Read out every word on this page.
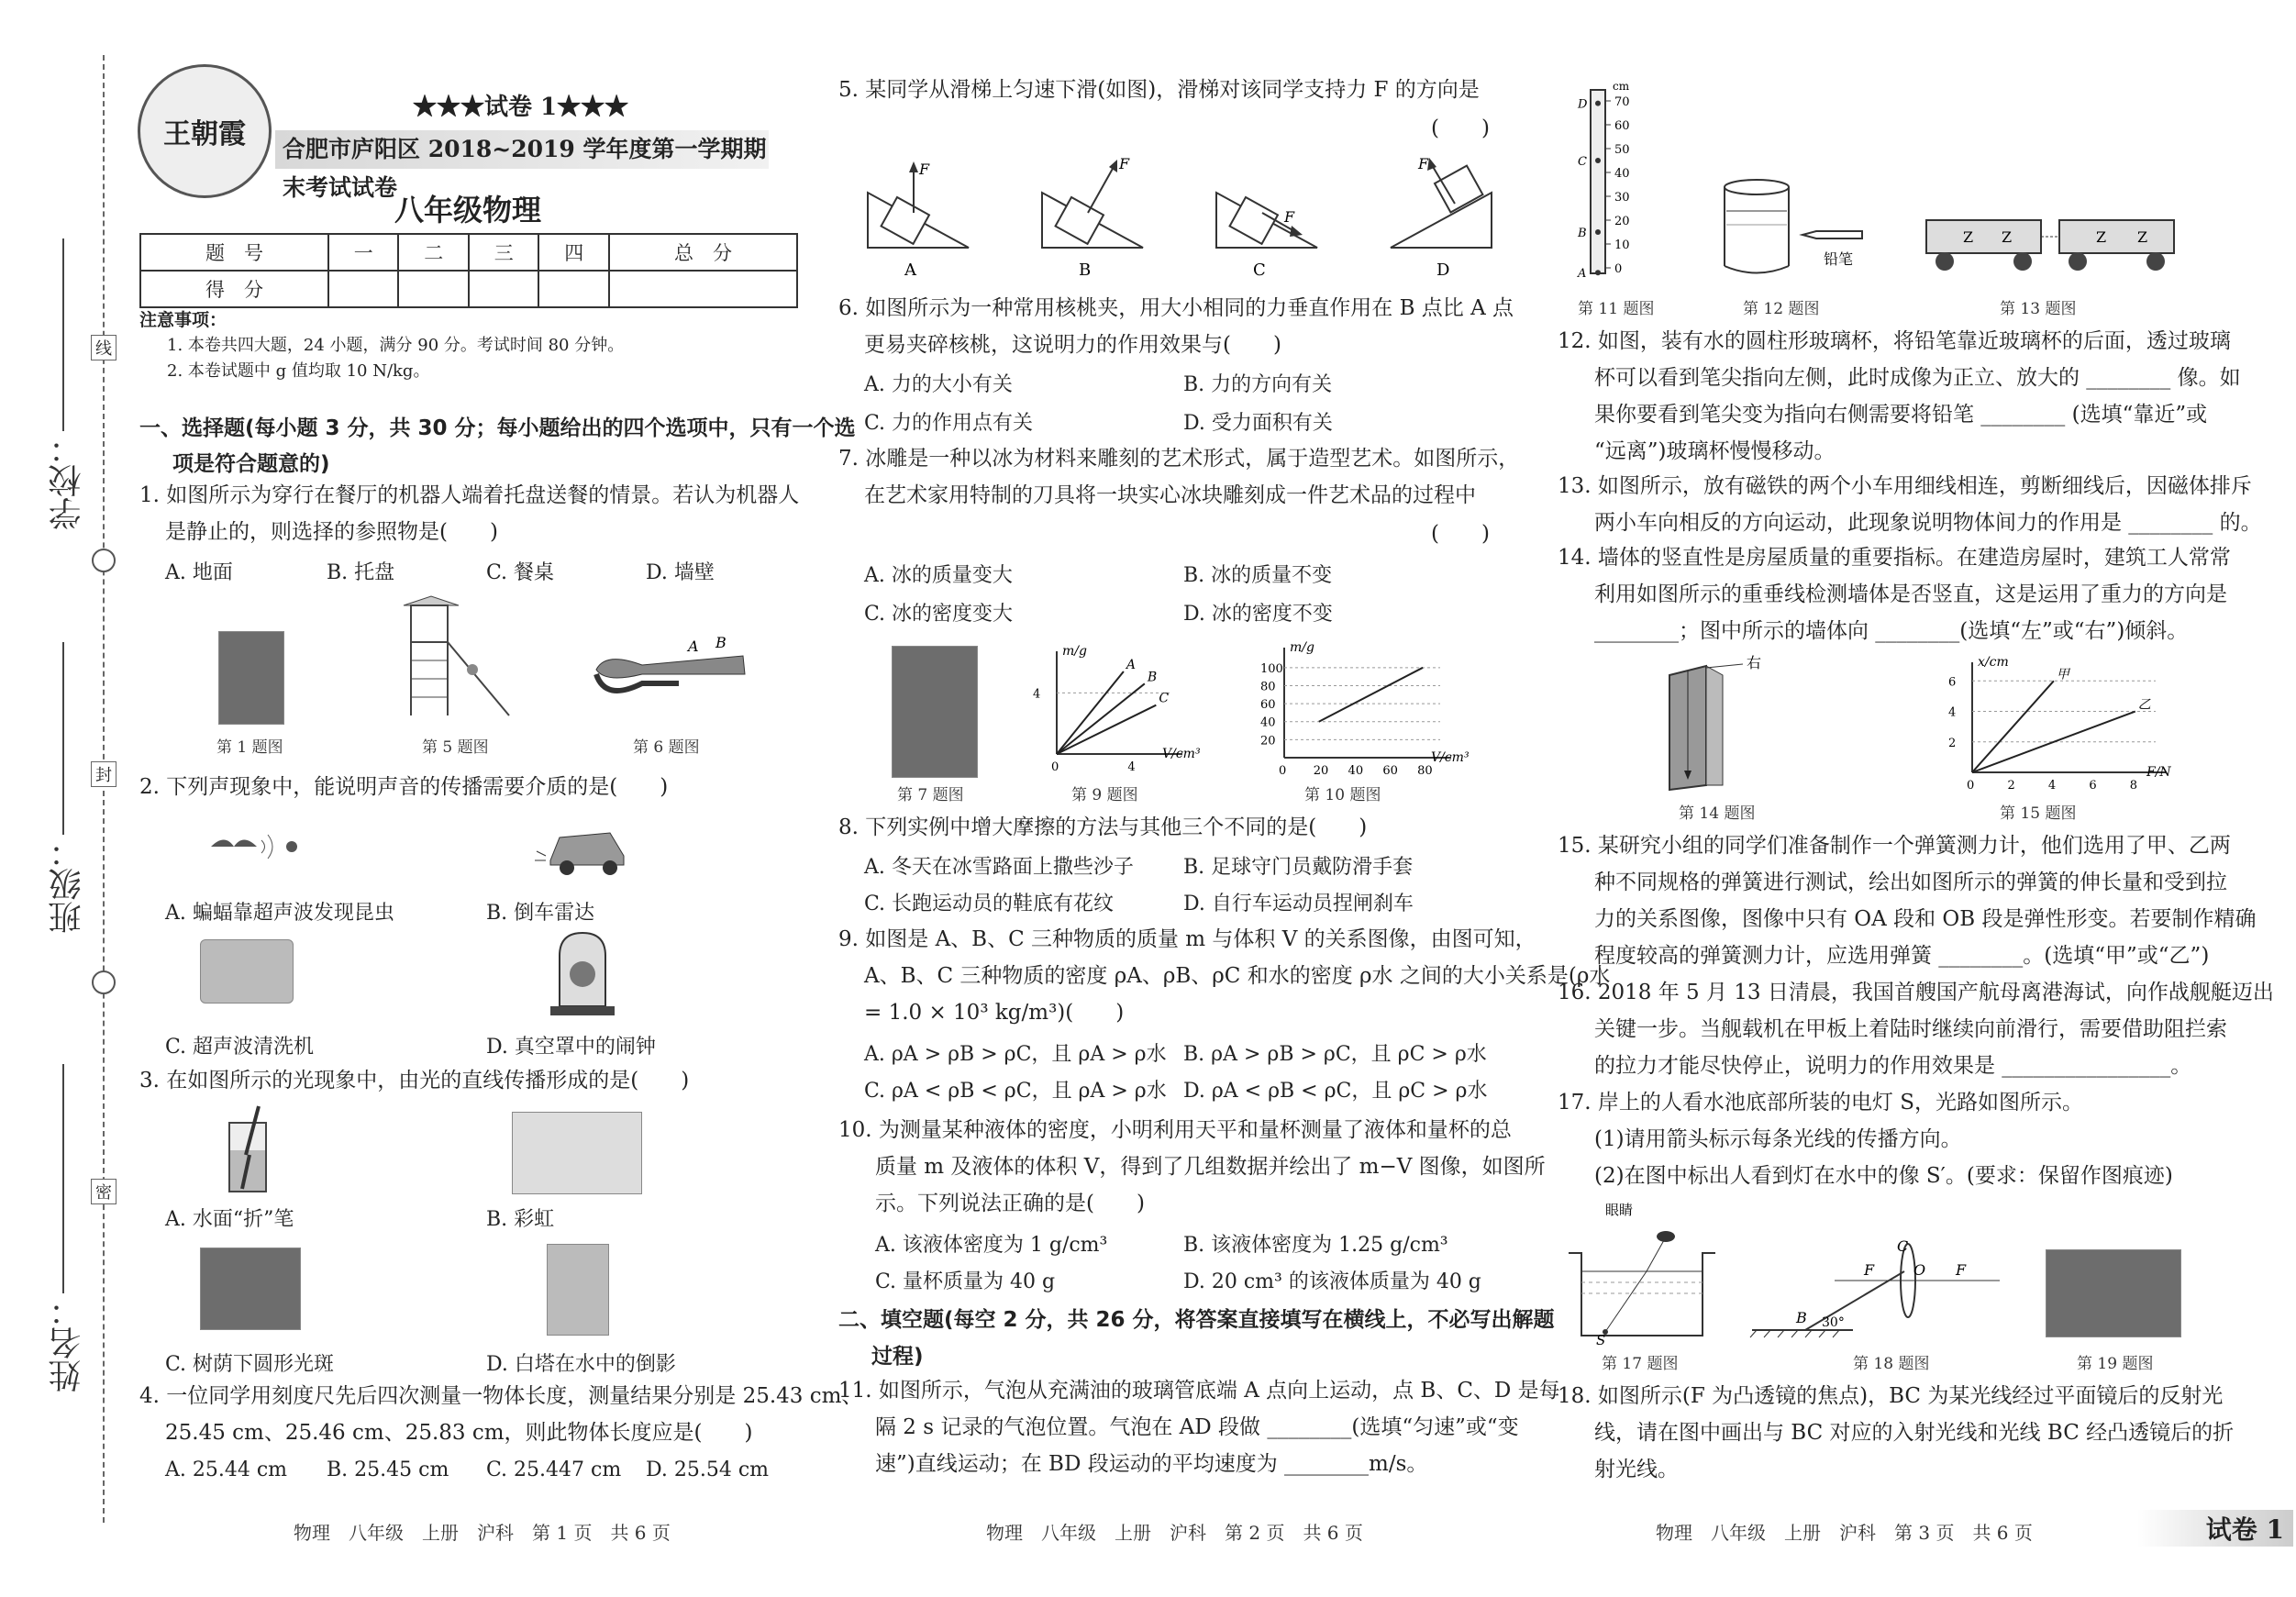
学校：
班级：
姓名：
线
封
密
王朝霞
★★★试卷 1★★★
合肥市庐阳区 2018~2019 学年度第一学期期末考试试卷
八年级物理
题　号	一	二	三	四	总　分
得　分					
注意事项：
1. 本卷共四大题，24 小题，满分 90 分。考试时间 80 分钟。
2. 本卷试题中 g 值均取 10 N/kg。
一、选择题(每小题 3 分，共 30 分；每小题给出的四个选项中，只有一个选
项是符合题意的)
1. 如图所示为穿行在餐厅的机器人端着托盘送餐的情景。若认为机器人
是静止的，则选择的参照物是(　　)
A. 地面	B. 托盘	C. 餐桌	D. 墙壁
A B
第 1 题图	第 5 题图	第 6 题图
2. 下列声现象中，能说明声音的传播需要介质的是(　　)
A. 蝙蝠靠超声波发现昆虫	B. 倒车雷达
C. 超声波清洗机	D. 真空罩中的闹钟
3. 在如图所示的光现象中，由光的直线传播形成的是(　　)
A. 水面“折”笔	B. 彩虹
C. 树荫下圆形光斑	D. 白塔在水中的倒影
4. 一位同学用刻度尺先后四次测量一物体长度，测量结果分别是 25.43 cm、
25.45 cm、25.46 cm、25.83 cm，则此物体长度应是(　　)
A. 25.44 cm B. 25.45 cm C. 25.447 cm D. 25.54 cm
物理　八年级　上册　沪科　第 1 页　共 6 页
5. 某同学从滑梯上匀速下滑(如图)，滑梯对该同学支持力 F 的方向是
(　　)
F
A
F
B
F
C
F
D
6. 如图所示为一种常用核桃夹，用大小相同的力垂直作用在 B 点比 A 点
更易夹碎核桃，这说明力的作用效果与(　　)
A. 力的大小有关	B. 力的方向有关
C. 力的作用点有关	D. 受力面积有关
7. 冰雕是一种以冰为材料来雕刻的艺术形式，属于造型艺术。如图所示，
在艺术家用特制的刀具将一块实心冰块雕刻成一件艺术品的过程中
(　　)
A. 冰的质量变大	B. 冰的质量不变
C. 冰的密度变大	D. 冰的密度不变
m/g
V/cm³
0	4
4
A
B
C
m/g
V/cm³
0 20 40 60 80
20
40
60
80
100
第 7 题图	第 9 题图	第 10 题图
8. 下列实例中增大摩擦的方法与其他三个不同的是(　　)
A. 冬天在冰雪路面上撒些沙子 B. 足球守门员戴防滑手套
C. 长跑运动员的鞋底有花纹	D. 自行车运动员捏闸刹车
9. 如图是 A、B、C 三种物质的质量 m 与体积 V 的关系图像，由图可知，
A、B、C 三种物质的密度 ρA、ρB、ρC 和水的密度 ρ水 之间的大小关系是(ρ水
= 1.0 × 10³ kg/m³)(　　)
A. ρA > ρB > ρC，且 ρA > ρ水 B. ρA > ρB > ρC，且 ρC > ρ水
C. ρA < ρB < ρC，且 ρA > ρ水 D. ρA < ρB < ρC，且 ρC > ρ水
10. 为测量某种液体的密度，小明利用天平和量杯测量了液体和量杯的总
质量 m 及液体的体积 V，得到了几组数据并绘出了 m−V 图像，如图所
示。下列说法正确的是(　　)
A. 该液体密度为 1 g/cm³	B. 该液体密度为 1.25 g/cm³
C. 量杯质量为 40 g	D. 20 cm³ 的该液体质量为 40 g
二、填空题(每空 2 分，共 26 分，将答案直接填写在横线上，不必写出解题
过程)
11. 如图所示，气泡从充满油的玻璃管底端 A 点向上运动，点 B、C、D 是每
隔 2 s 记录的气泡位置。气泡在 AD 段做 ________(选填“匀速”或“变
速”)直线运动；在 BD 段运动的平均速度为 ________m/s。
物理　八年级　上册　沪科　第 2 页　共 6 页
cm
70
60
50
40
30
20
10
0
D
C
B
A
铅笔
Z Z	Z Z
第 11 题图	第 12 题图	第 13 题图
12. 如图，装有水的圆柱形玻璃杯，将铅笔靠近玻璃杯的后面，透过玻璃
杯可以看到笔尖指向左侧，此时成像为正立、放大的 ________ 像。如
果你要看到笔尖变为指向右侧需要将铅笔 ________ (选填“靠近”或
“远离”)玻璃杯慢慢移动。
13. 如图所示，放有磁铁的两个小车用细线相连，剪断细线后，因磁体排斥
两小车向相反的方向运动，此现象说明物体间力的作用是 ________ 的。
14. 墙体的竖直性是房屋质量的重要指标。在建造房屋时，建筑工人常常
利用如图所示的重垂线检测墙体是否竖直，这是运用了重力的方向是
________；图中所示的墙体向 ________(选填“左”或“右”)倾斜。
右	x/cm
F/N
0	2	4	6	8
2
4
6
甲
乙
第 14 题图	第 15 题图
15. 某研究小组的同学们准备制作一个弹簧测力计，他们选用了甲、乙两
种不同规格的弹簧进行测试，绘出如图所示的弹簧的伸长量和受到拉
力的关系图像，图像中只有 OA 段和 OB 段是弹性形变。若要制作精确
程度较高的弹簧测力计，应选用弹簧 ________。(选填“甲”或“乙”)
16. 2018 年 5 月 13 日清晨，我国首艘国产航母离港海试，向作战舰艇迈出
关键一步。当舰载机在甲板上着陆时继续向前滑行，需要借助阻拦索
的拉力才能尽快停止，说明力的作用效果是 ________________。
17. 岸上的人看水池底部所装的电灯 S，光路如图所示。
(1)请用箭头标示每条光线的传播方向。
(2)在图中标出人看到灯在水中的像 S′。(要求：保留作图痕迹)
眼睛
S
B
C
F	O F
30°
第 17 题图	第 18 题图	第 19 题图
18. 如图所示(F 为凸透镜的焦点)，BC 为某光线经过平面镜后的反射光
线，请在图中画出与 BC 对应的入射光线和光线 BC 经凸透镜后的折
射光线。
物理　八年级　上册　沪科　第 3 页　共 6 页	试卷 1
